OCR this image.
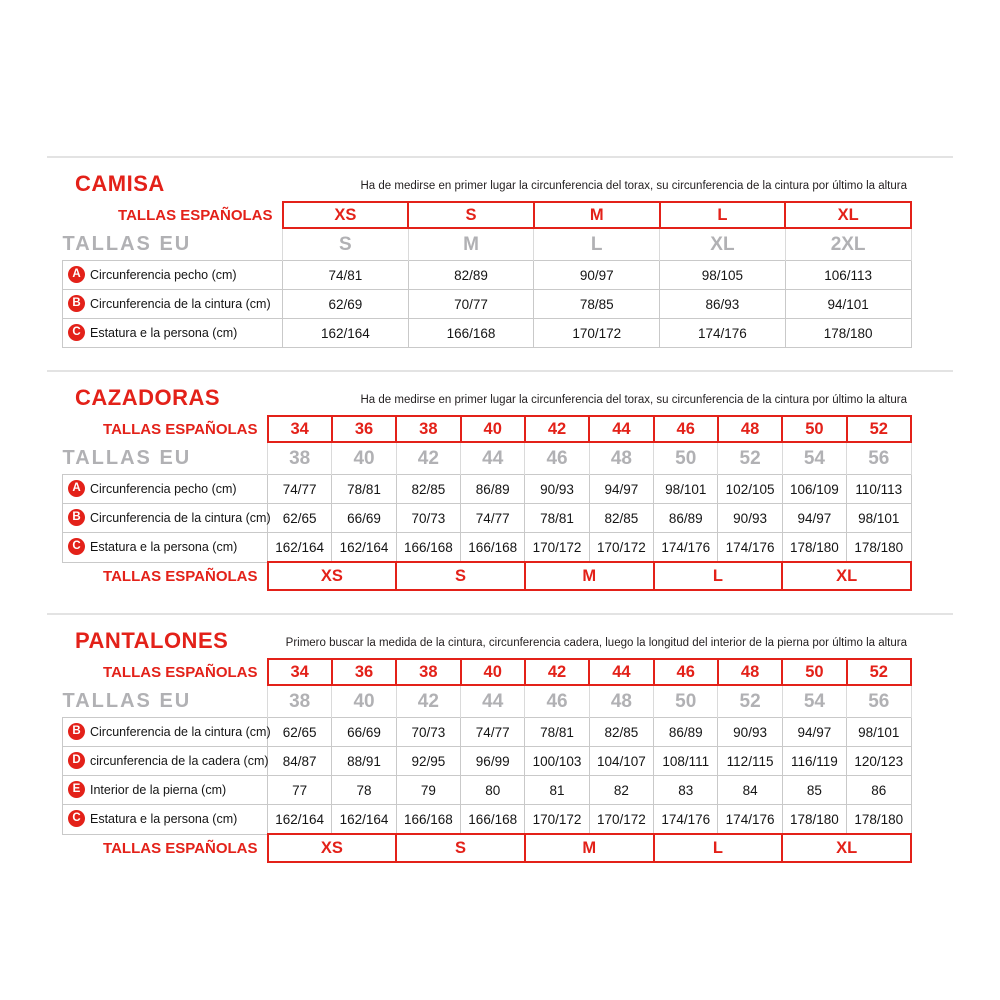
CAMISA	Ha de medirse en primer lugar la circunferencia del torax, su circunferencia de la cintura por último la altura
TALLAS ESPAÑOLAS	XS	S	M	L	XL
TALLAS EU	S	M	L	XL	2XL
A Circunferencia pecho (cm)	74/81	82/89	90/97	98/105	106/113
B Circunferencia de la cintura (cm)	62/69	70/77	78/85	86/93	94/101
C Estatura e la persona (cm)	162/164	166/168	170/172	174/176	178/180
CAZADORAS	Ha de medirse en primer lugar la circunferencia del torax, su circunferencia de la cintura por último la altura
TALLAS ESPAÑOLAS	34	36	38	40	42	44	46	48	50	52
TALLAS EU	38	40	42	44	46	48	50	52	54	56
A Circunferencia pecho (cm)	74/77	78/81	82/85	86/89	90/93	94/97	98/101	102/105	106/109	110/113
B Circunferencia de la cintura (cm)	62/65	66/69	70/73	74/77	78/81	82/85	86/89	90/93	94/97	98/101
C Estatura e la persona (cm)	162/164	162/164	166/168	166/168	170/172	170/172	174/176	174/176	178/180	178/180
TALLAS ESPAÑOLAS	XS		S		M		L		XL	
PANTALONES	Primero buscar la medida de la cintura, circunferencia cadera, luego la longitud del interior de la pierna por último la altura
TALLAS ESPAÑOLAS	34	36	38	40	42	44	46	48	50	52
TALLAS EU	38	40	42	44	46	48	50	52	54	56
B Circunferencia de la cintura (cm)	62/65	66/69	70/73	74/77	78/81	82/85	86/89	90/93	94/97	98/101
D circunferencia de la cadera (cm)	84/87	88/91	92/95	96/99	100/103	104/107	108/111	112/115	116/119	120/123
E Interior de la pierna (cm)	77	78	79	80	81	82	83	84	85	86
C Estatura e la persona (cm)	162/164	162/164	166/168	166/168	170/172	170/172	174/176	174/176	178/180	178/180
TALLAS ESPAÑOLAS	XS		S		M		L		XL	
